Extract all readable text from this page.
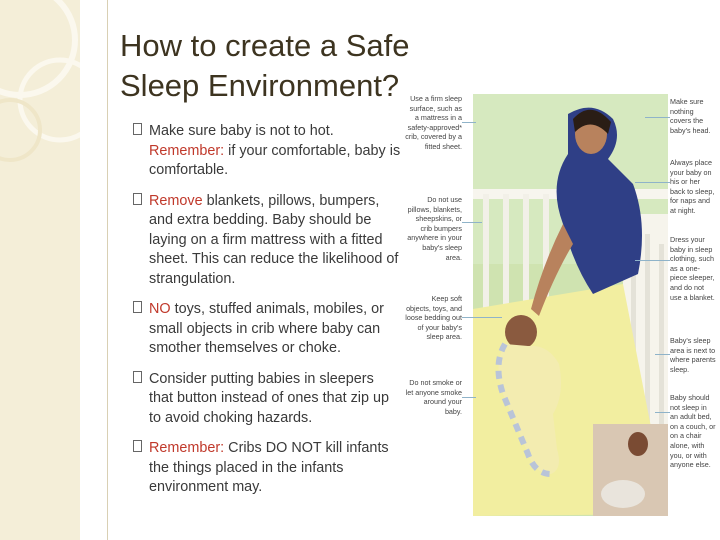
How to create a Safe Sleep Environment?
Make sure baby is not to hot.
Remember: if your comfortable, baby is comfortable.
Remove blankets, pillows, bumpers, and extra bedding. Baby should be laying on a firm mattress with a fitted sheet. This can reduce the likelihood of strangulation.
NO toys, stuffed animals, mobiles, or small objects in crib where baby can smother themselves or choke.
Consider putting babies in sleepers that button instead of ones that zip up to avoid choking hazards.
Remember: Cribs DO NOT kill infants the things placed in the infants environment may.
Use a firm sleep surface, such as a mattress in a safety-approved* crib, covered by a fitted sheet.
Do not use pillows, blankets, sheepskins, or crib bumpers anywhere in your baby's sleep area.
Keep soft objects, toys, and loose bedding out of your baby's sleep area.
Do not smoke or let anyone smoke around your baby.
Make sure nothing covers the baby's head.
Always place your baby on his or her back to sleep, for naps and at night.
Dress your baby in sleep clothing, such as a one-piece sleeper, and do not use a blanket.
Baby's sleep area is next to where parents sleep.
Baby should not sleep in an adult bed, on a couch, or on a chair alone, with you, or with anyone else.
